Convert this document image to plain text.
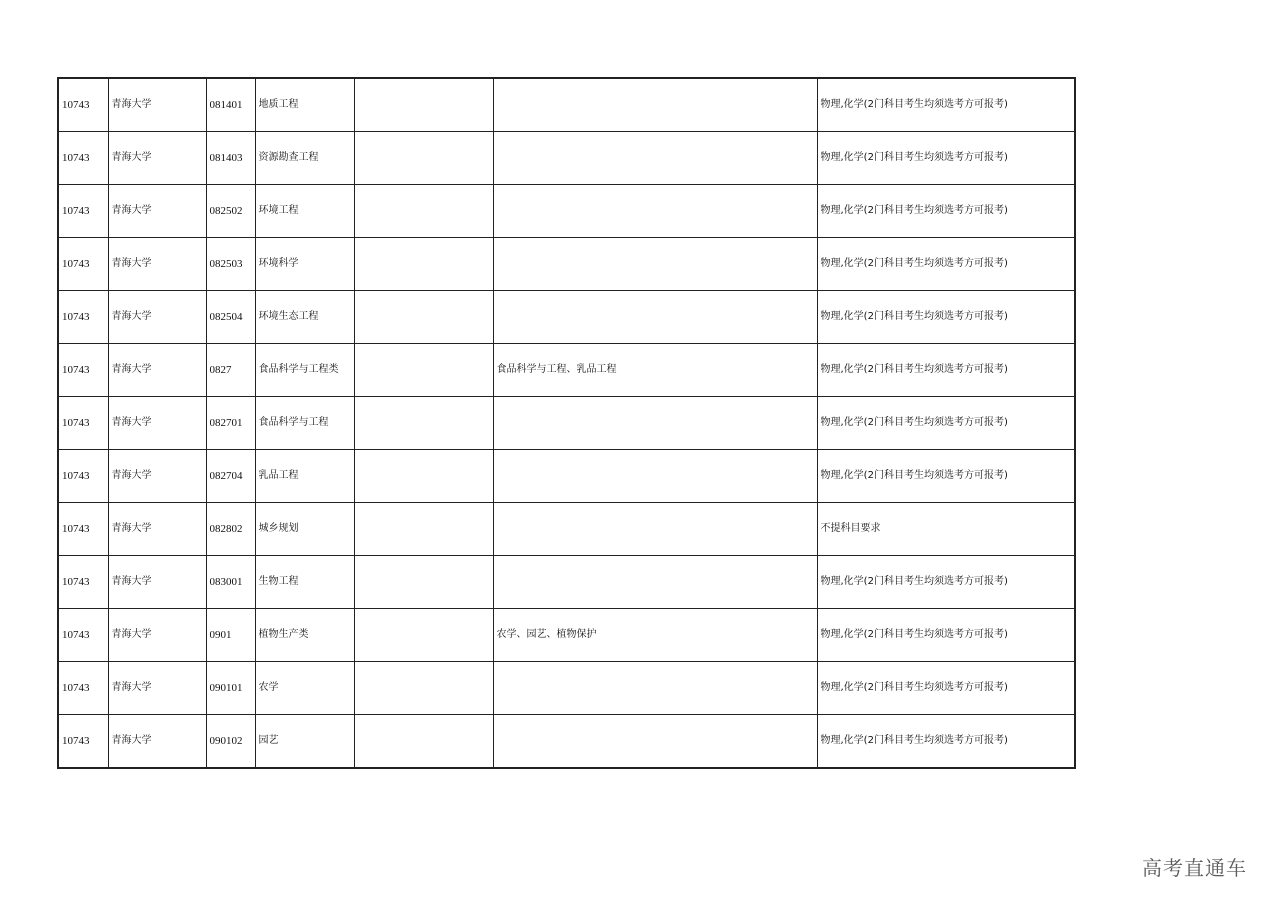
10743	青海大学	081401	地质工程			物理,化学(2门科目考生均须选考方可报考)
10743	青海大学	081403	资源勘查工程			物理,化学(2门科目考生均须选考方可报考)
10743	青海大学	082502	环境工程			物理,化学(2门科目考生均须选考方可报考)
10743	青海大学	082503	环境科学			物理,化学(2门科目考生均须选考方可报考)
10743	青海大学	082504	环境生态工程			物理,化学(2门科目考生均须选考方可报考)
10743	青海大学	0827	食品科学与工程类		食品科学与工程、乳品工程	物理,化学(2门科目考生均须选考方可报考)
10743	青海大学	082701	食品科学与工程			物理,化学(2门科目考生均须选考方可报考)
10743	青海大学	082704	乳品工程			物理,化学(2门科目考生均须选考方可报考)
10743	青海大学	082802	城乡规划			不提科目要求
10743	青海大学	083001	生物工程			物理,化学(2门科目考生均须选考方可报考)
10743	青海大学	0901	植物生产类		农学、园艺、植物保护	物理,化学(2门科目考生均须选考方可报考)
10743	青海大学	090101	农学			物理,化学(2门科目考生均须选考方可报考)
10743	青海大学	090102	园艺			物理,化学(2门科目考生均须选考方可报考)
高考直通车
